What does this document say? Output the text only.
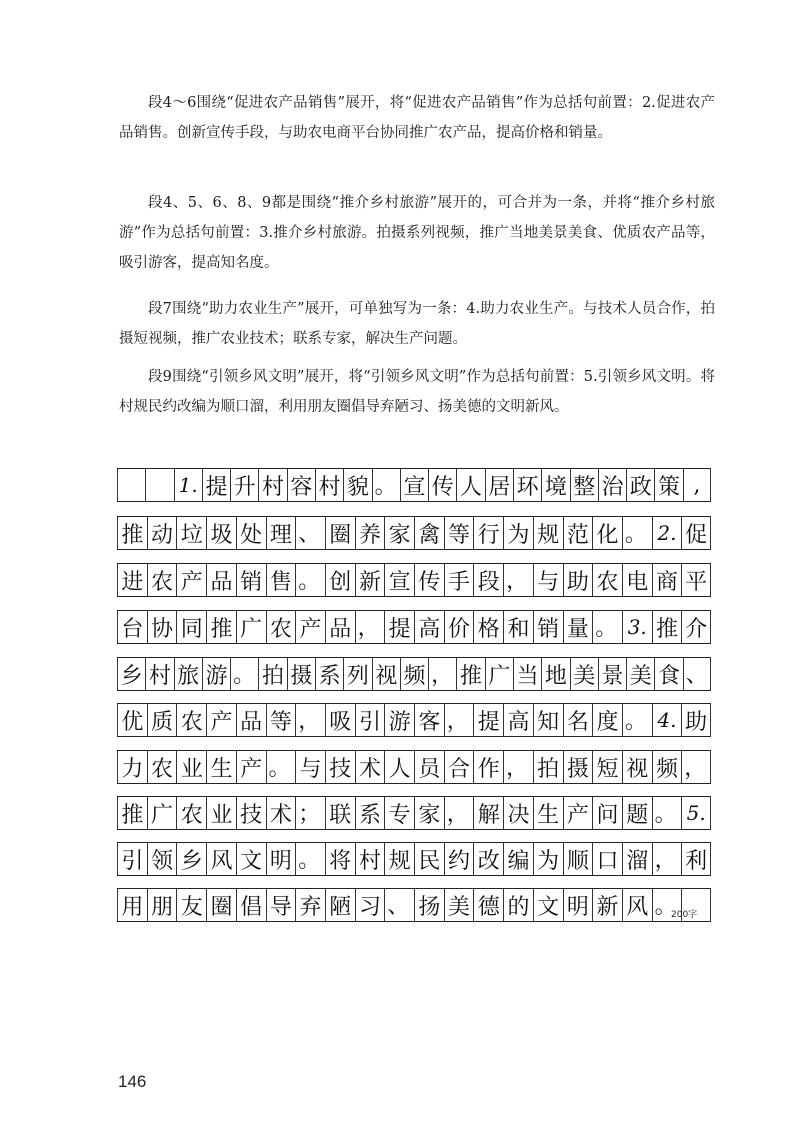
段4～6围绕“促进农产品销售”展开，将“促进农产品销售”作为总括句前置：2.促进农产品销售。创新宣传手段，与助农电商平台协同推广农产品，提高价格和销量。

段4、5、6、8、9都是围绕“推介乡村旅游”展开的，可合并为一条，并将“推介乡村旅游”作为总括句前置：3.推介乡村旅游。拍摄系列视频，推广当地美景美食、优质农产品等，吸引游客，提高知名度。

段7围绕“助力农业生产”展开，可单独写为一条：4.助力农业生产。与技术人员合作，拍摄短视频，推广农业技术；联系专家，解决生产问题。

段9围绕“引领乡风文明”展开，将“引领乡风文明”作为总括句前置：5.引领乡风文明。将村规民约改编为顺口溜，利用朋友圈倡导弃陋习、扬美德的文明新风。

1. 提 升 村 容 村 貌 。 宣 传 人 居 环 境 整 治 政 策 ,
推 动 垃 圾 处 理 、 圈 养 家 禽 等 行 为 规 范 化 。 2. 促
进 农 产 品 销 售 。 创 新 宣 传 手 段 ， 与 助 农 电 商 平
台 协 同 推 广 农 产 品 ， 提 高 价 格 和 销 量 。 3. 推 介
乡 村 旅 游 。 拍 摄 系 列 视 频 ， 推 广 当 地 美 景 美 食 、
优 质 农 产 品 等 ， 吸 引 游 客 ， 提 高 知 名 度 。 4. 助
力 农 业 生 产 。 与 技 术 人 员 合 作 ， 拍 摄 短 视 频 ，
推 广 农 业 技 术 ； 联 系 专 家 ， 解 决 生 产 问 题 。 5.
引 领 乡 风 文 明 。 将 村 规 民 约 改 编 为 顺 口 溜 ， 利
用 朋 友 圈 倡 导 弃 陋 习 、 扬 美 德 的 文 明 新 风 。
200字
146
